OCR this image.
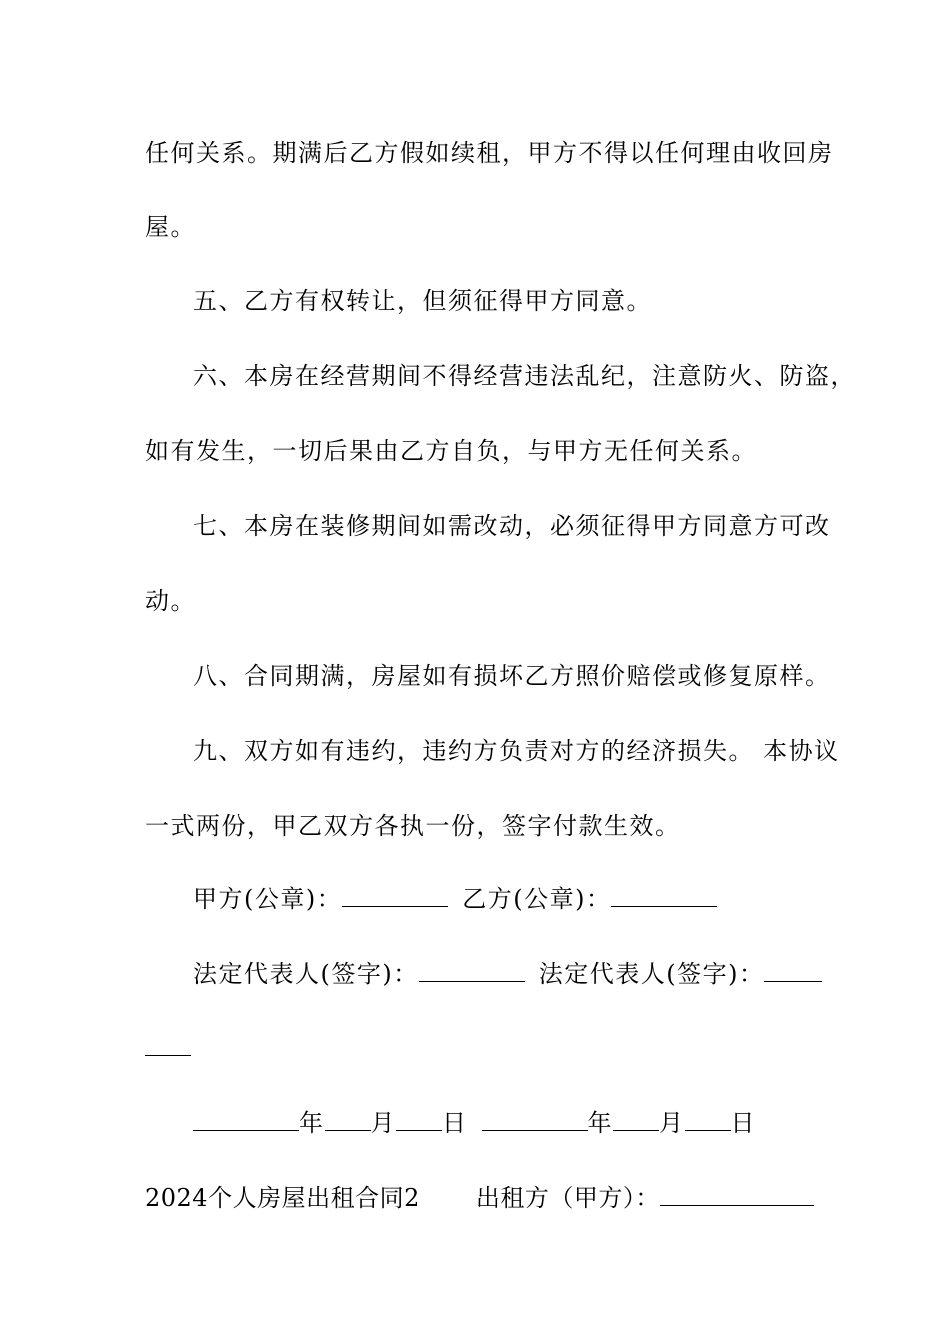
任何关系。期满后乙方假如续租，甲方不得以任何理由收回房
屋。
五、乙方有权转让，但须征得甲方同意。
六、本房在经营期间不得经营违法乱纪，注意防火、防盗，
如有发生，一切后果由乙方自负，与甲方无任何关系。
七、本房在装修期间如需改动，必须征得甲方同意方可改
动。
八、合同期满，房屋如有损坏乙方照价赔偿或修复原样。
九、双方如有违约，违约方负责对方的经济损失。 本协议
一式两份，甲乙双方各执一份，签字付款生效。
甲方(公章)：	乙方(公章)：
法定代表人(签字)：	法定代表人(签字)：
年 月 日	年 月 日
2024个人房屋出租合同2 出租方（甲方）：
